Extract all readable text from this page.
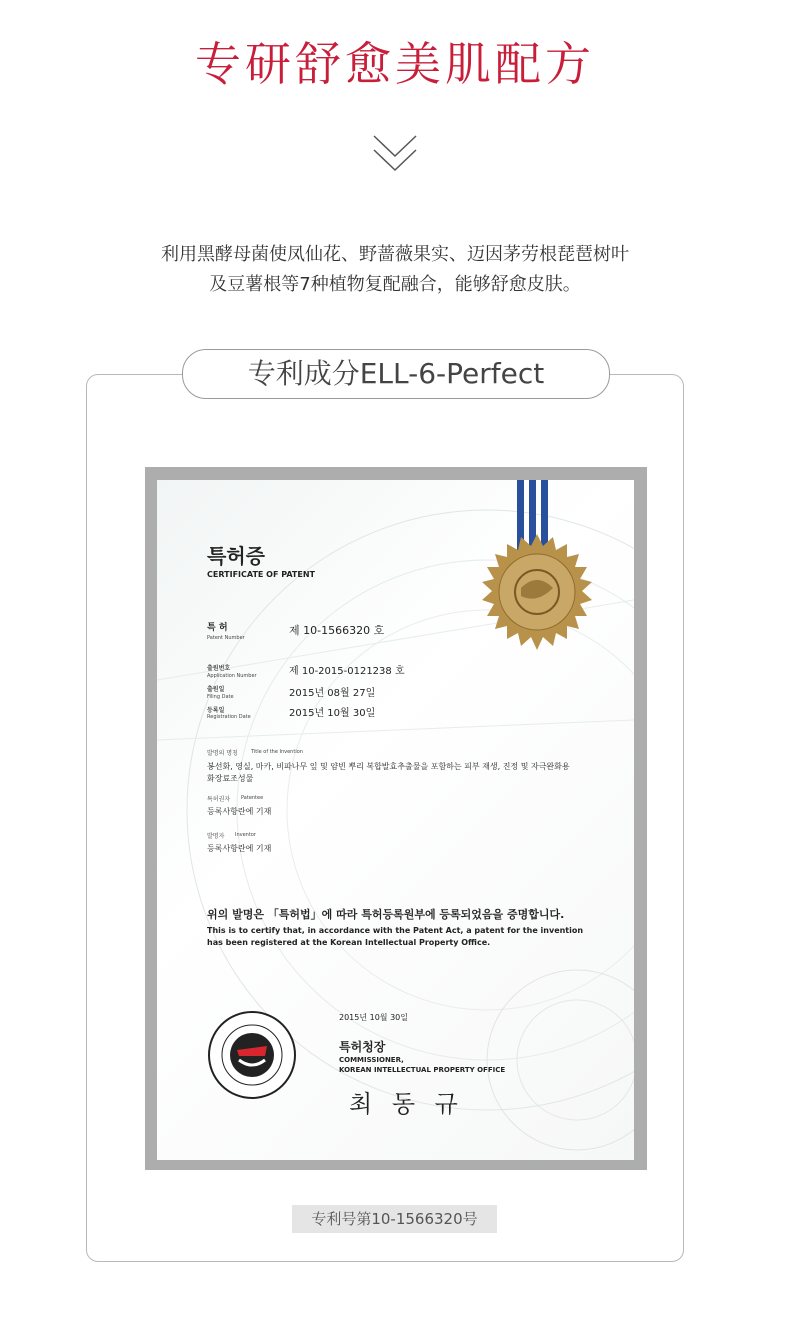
专研舒愈美肌配方
利用黑酵母菌使凤仙花、野蔷薇果实、迈因茅劳根琵琶树叶
及豆薯根等7种植物复配融合，能够舒愈皮肤。
专利成分ELL-6-Perfect
특허증
CERTIFICATE OF PATENT
특 허
Patent Number
제 10-1566320 호
출원번호
Application Number	제 10-2015-0121238 호
출원일
Filing Date	2015년 08월 27일
등록일
Registration Date	2015년 10월 30일
발명의 명칭	Title of the Invention
봉선화, 영실, 마카, 비파나무 잎 및 얌빈 뿌리 복합발효추출물을 포함하는 피부 재생, 진정 및 자극완화용
화장료조성물
특허권자 Patentee
등록사항란에 기재
발명자 Inventor
등록사항란에 기재
위의 발명은 「특허법」에 따라 특허등록원부에 등록되었음을 증명합니다.
This is to certify that, in accordance with the Patent Act, a patent for the invention
has been registered at the Korean Intellectual Property Office.
2015년 10월 30일
특허청장
COMMISSIONER,
KOREAN INTELLECTUAL PROPERTY OFFICE
최 동 규
专利号第10-1566320号
